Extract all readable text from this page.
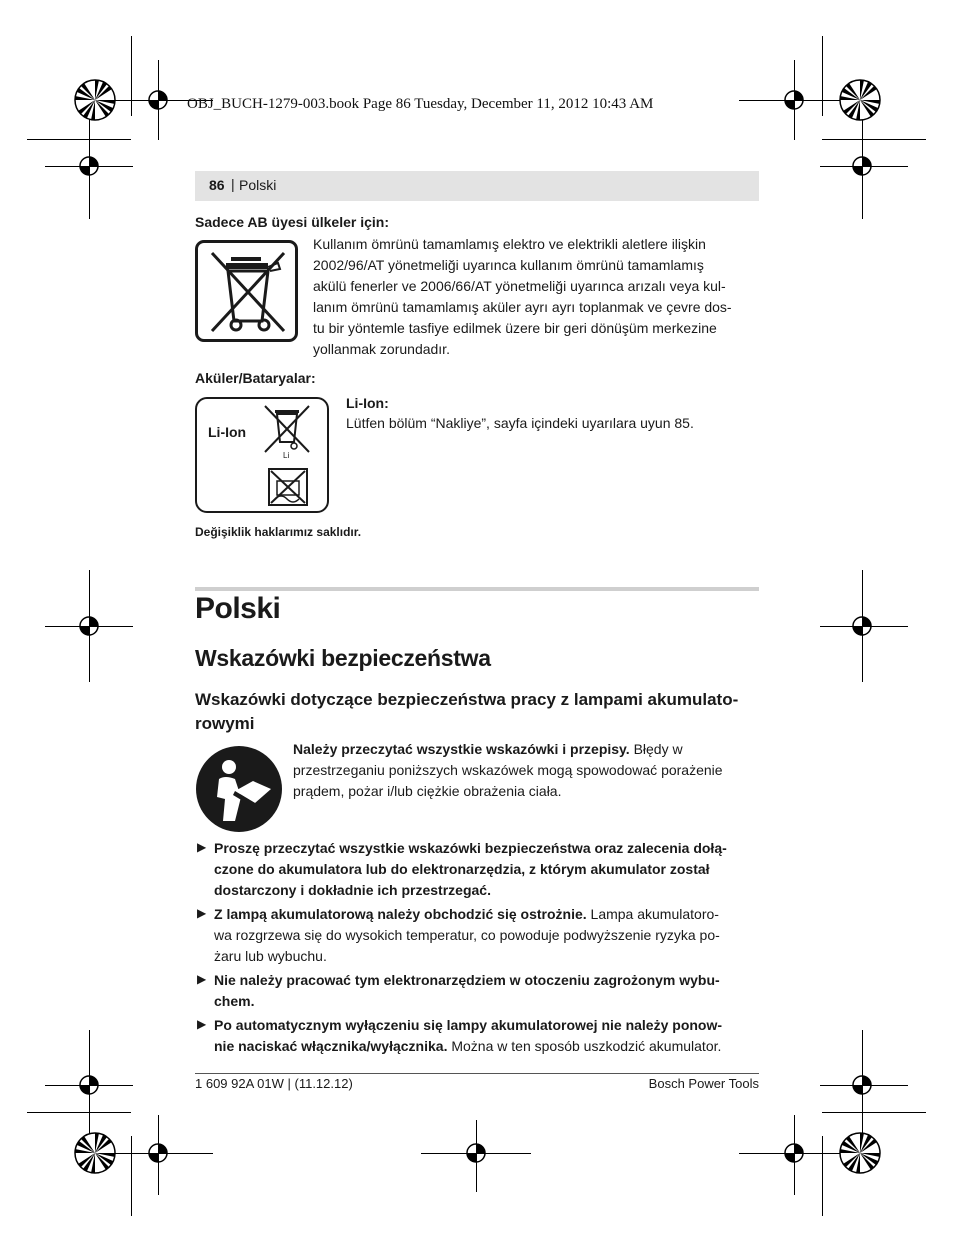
OBJ_BUCH-1279-003.book Page 86 Tuesday, December 11, 2012 10:43 AM
86 | Polski
Sadece AB üyesi ülkeler için:
Kullanım ömrünü tamamlamış elektro ve elektrikli aletlere ilişkin
2002/96/AT yönetmeliği uyarınca kullanım ömrünü tamamlamış
akülü fenerler ve 2006/66/AT yönetmeliği uyarınca arızalı veya kul-
lanım ömrünü tamamlamış aküler ayrı ayrı toplanmak ve çevre dos-
tu bir yöntemle tasfiye edilmek üzere bir geri dönüşüm merkezine
yollanmak zorundadır.
Aküler/Bataryalar:
Li-Ion
Li
Li-Ion:
Lütfen bölüm “Nakliye”, sayfa içindeki uyarılara uyun 85.
Değişiklik haklarımız saklıdır.
Polski
Wskazówki bezpieczeństwa
Wskazówki dotyczące bezpieczeństwa pracy z lampami akumulato-
rowymi
Należy przeczytać wszystkie wskazówki i przepisy. Błędy w
przestrzeganiu poniższych wskazówek mogą spowodować porażenie
prądem, pożar i/lub ciężkie obrażenia ciała.
▶ Proszę przeczytać wszystkie wskazówki bezpieczeństwa oraz zalecenia dołą-
czone do akumulatora lub do elektronarzędzia, z którym akumulator został
dostarczony i dokładnie ich przestrzegać.
▶ Z lampą akumulatorową należy obchodzić się ostrożnie. Lampa akumulatoro-
wa rozgrzewa się do wysokich temperatur, co powoduje podwyższenie ryzyka po-
żaru lub wybuchu.
▶ Nie należy pracować tym elektronarzędziem w otoczeniu zagrożonym wybu-
chem.
▶ Po automatycznym wyłączeniu się lampy akumulatorowej nie należy ponow-
nie naciskać włącznika/wyłącznika. Można w ten sposób uszkodzić akumulator.
1 609 92A 01W | (11.12.12)	Bosch Power Tools
